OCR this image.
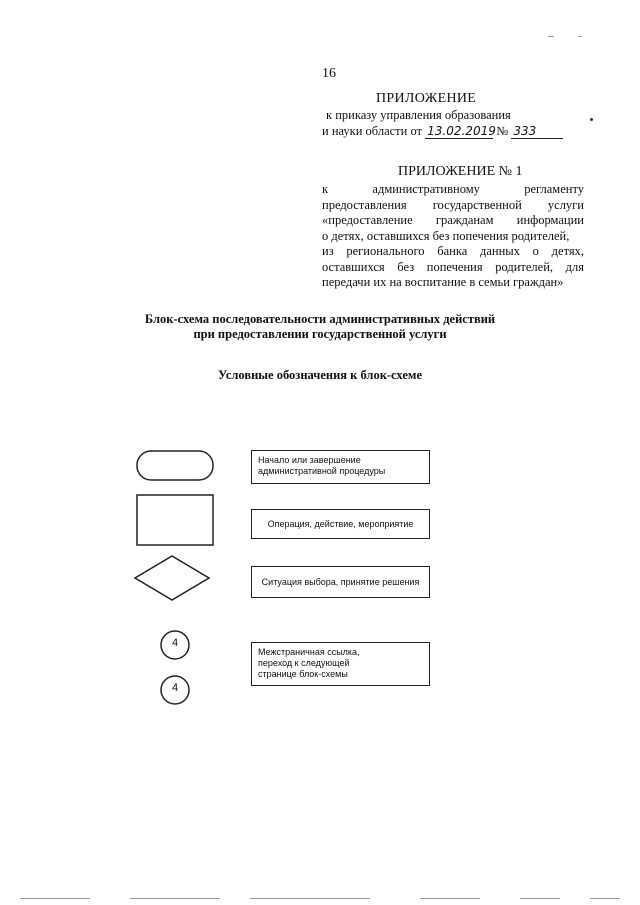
16
ПРИЛОЖЕНИЕ
к приказу управления образования
и науки области от 13.02.2019 № 333
ПРИЛОЖЕНИЕ № 1
к административному регламенту
предоставления государственной услуги
«предоставление гражданам информации
о детях, оставшихся без попечения родителей,
из регионального банка данных о детях,
оставшихся без попечения родителей, для
передачи их на воспитание в семьи граждан»
Блок-схема последовательности административных действий
при предоставлении государственной услуги
Условные обозначения к блок-схеме
4
4
Начало или завершение административной процедуры
Операция, действие, мероприятие
Ситуация выбора, принятие решения
Межстраничная ссылка, переход к следующей странице блок-схемы
